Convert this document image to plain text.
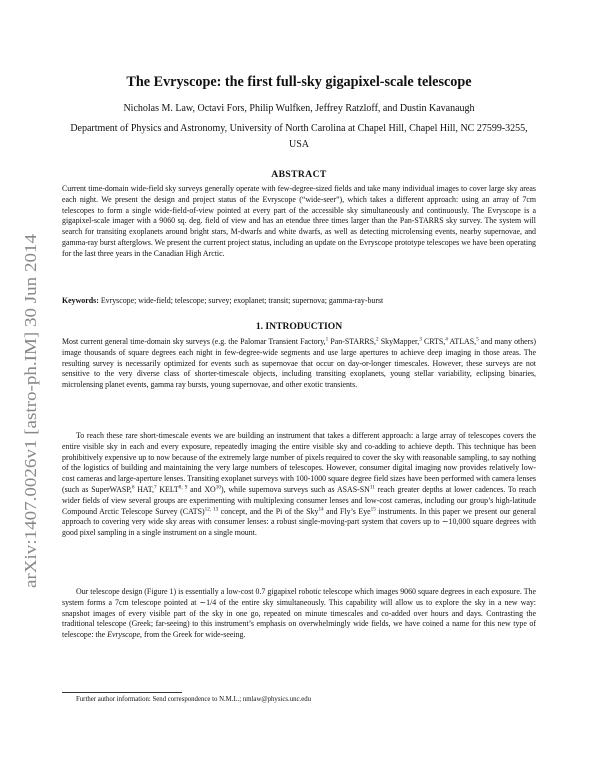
arXiv:1407.0026v1 [astro-ph.IM] 30 Jun 2014
The Evryscope: the first full-sky gigapixel-scale telescope
Nicholas M. Law, Octavi Fors, Philip Wulfken, Jeffrey Ratzloff, and Dustin Kavanaugh
Department of Physics and Astronomy, University of North Carolina at Chapel Hill, Chapel Hill, NC 27599-3255, USA
ABSTRACT

Current time-domain wide-field sky surveys generally operate with few-degree-sized fields and take many individual images to cover large sky areas each night. We present the design and project status of the Evryscope (“wide-seer”), which takes a different approach: using an array of 7cm telescopes to form a single wide-field-of-view pointed at every part of the accessible sky simultaneously and continuously. The Evryscope is a gigapixel-scale imager with a 9060 sq. deg. field of view and has an etendue three times larger than the Pan-STARRS sky survey. The system will search for transiting exoplanets around bright stars, M-dwarfs and white dwarfs, as well as detecting microlensing events, nearby supernovae, and gamma-ray burst afterglows. We present the current project status, including an update on the Evryscope prototype telescopes we have been operating for the last three years in the Canadian High Arctic.

Keywords: Evryscope; wide-field; telescope; survey; exoplanet; transit; supernova; gamma-ray-burst

1. INTRODUCTION

Most current general time-domain sky surveys (e.g. the Palomar Transient Factory,$^1$ Pan-STARRS,$^2$ SkyMapper,$^3$ CRTS,$^4$ ATLAS,$^5$ and many others) image thousands of square degrees each night in few-degree-wide segments and use large apertures to achieve deep imaging in those areas. The resulting survey is necessarily optimized for events such as supernovae that occur on day-or-longer timescales. However, these surveys are not sensitive to the very diverse class of shorter-timescale objects, including transiting exoplanets, young stellar variability, eclipsing binaries, microlensing planet events, gamma ray bursts, young supernovae, and other exotic transients.

To reach these rare short-timescale events we are building an instrument that takes a different approach: a large array of telescopes covers the entire visible sky in each and every exposure, repeatedly imaging the entire visible sky and co-adding to achieve depth. This technique has been prohibitively expensive up to now because of the extremely large number of pixels required to cover the sky with reasonable sampling, to say nothing of the logistics of building and maintaining the very large numbers of telescopes. However, consumer digital imaging now provides relatively low-cost cameras and large-aperture lenses. Transiting exoplanet surveys with 100-1000 square degree field sizes have been performed with camera lenses (such as SuperWASP,$^6$ HAT,$^7$ KELT$^{8, 9}$ and XO$^{10}$), while supernova surveys such as ASAS-SN$^{11}$ reach greater depths at lower cadences. To reach wider fields of view several groups are experimenting with multiplexing consumer lenses and low-cost cameras, including our group’s high-latitude Compound Arctic Telescope Survey (CATS)$^{12, 13}$ concept, and the Pi of the Sky$^{14}$ and Fly’s Eye$^{15}$ instruments. In this paper we present our general approach to covering very wide sky areas with consumer lenses: a robust single-moving-part system that covers up to ∼10,000 square degrees with good pixel sampling in a single instrument on a single mount.

Our telescope design (Figure 1) is essentially a low-cost 0.7 gigapixel robotic telescope which images 9060 square degrees in each exposure. The system forms a 7cm telescope pointed at ∼1/4 of the entire sky simultaneously. This capability will allow us to explore the sky in a new way: snapshot images of every visible part of the sky in one go, repeated on minute timescales and co-added over hours and days. Contrasting the traditional telescope (Greek; far-seeing) to this instrument’s emphasis on overwhelmingly wide fields, we have coined a name for this new type of telescope: the Evryscope, from the Greek for wide-seeing.

Further author information: Send correspondence to N.M.L.; nmlaw@physics.unc.edu
